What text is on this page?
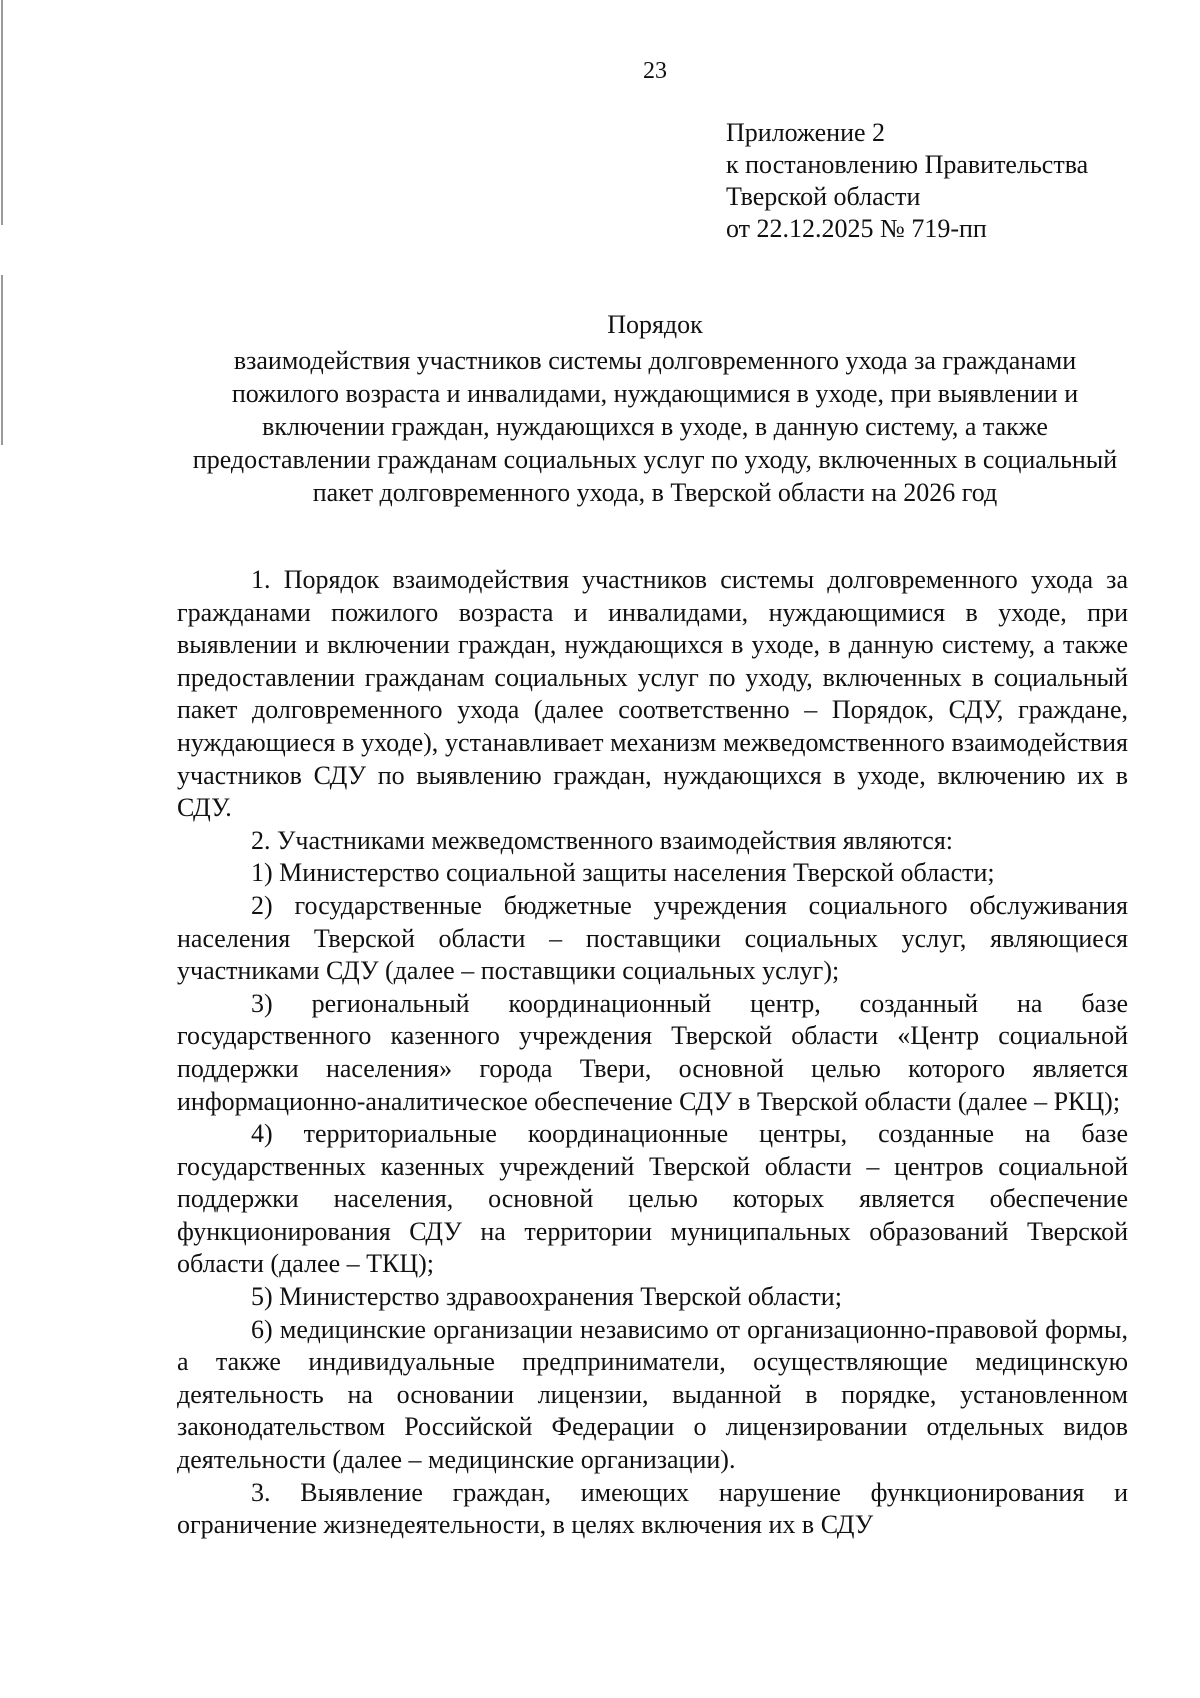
23

Приложение 2
к постановлению Правительства
Тверской области
от 22.12.2025 № 719-пп
Порядок
взаимодействия участников системы долговременного ухода за гражданами пожилого возраста и инвалидами, нуждающимися в уходе, при выявлении и включении граждан, нуждающихся в уходе, в данную систему, а также предоставлении гражданам социальных услуг по уходу, включенных в социальный пакет долговременного ухода, в Тверской области на 2026 год

1. Порядок взаимодействия участников системы долговременного ухода за гражданами пожилого возраста и инвалидами, нуждающимися в уходе, при выявлении и включении граждан, нуждающихся в уходе, в данную систему, а также предоставлении гражданам социальных услуг по уходу, включенных в социальный пакет долговременного ухода (далее соответственно – Порядок, СДУ, граждане, нуждающиеся в уходе), устанавливает механизм межведомственного взаимодействия участников СДУ по выявлению граждан, нуждающихся в уходе, включению их в СДУ.

2. Участниками межведомственного взаимодействия являются:

1) Министерство социальной защиты населения Тверской области;

2) государственные бюджетные учреждения социального обслуживания населения Тверской области – поставщики социальных услуг, являющиеся участниками СДУ (далее – поставщики социальных услуг);

3) региональный координационный центр, созданный на базе государственного казенного учреждения Тверской области «Центр социальной поддержки населения» города Твери, основной целью которого является информационно-аналитическое обеспечение СДУ в Тверской области (далее – РКЦ);

4) территориальные координационные центры, созданные на базе государственных казенных учреждений Тверской области – центров социальной поддержки населения, основной целью которых является обеспечение функционирования СДУ на территории муниципальных образований Тверской области (далее – ТКЦ);

5) Министерство здравоохранения Тверской области;

6) медицинские организации независимо от организационно-правовой формы, а также индивидуальные предприниматели, осуществляющие медицинскую деятельность на основании лицензии, выданной в порядке, установленном законодательством Российской Федерации о лицензировании отдельных видов деятельности (далее – медицинские организации).

3. Выявление граждан, имеющих нарушение функционирования и ограничение жизнедеятельности, в целях включения их в СДУ
